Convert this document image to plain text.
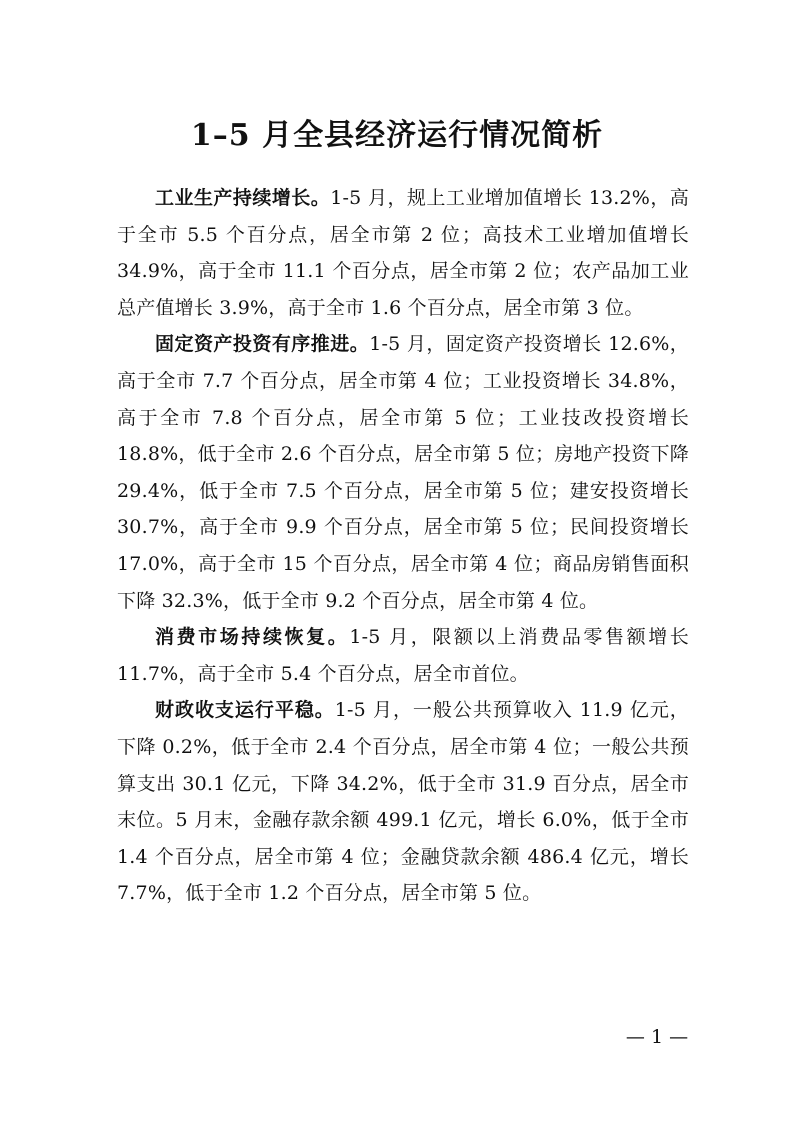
1–5 月全县经济运行情况简析

工业生产持续增长。1-5 月，规上工业增加值增长 13.2%，高于全市 5.5 个百分点，居全市第 2 位；高技术工业增加值增长 34.9%，高于全市 11.1 个百分点，居全市第 2 位；农产品加工业总产值增长 3.9%，高于全市 1.6 个百分点，居全市第 3 位。

固定资产投资有序推进。1-5 月，固定资产投资增长 12.6%，高于全市 7.7 个百分点，居全市第 4 位；工业投资增长 34.8%，高于全市 7.8 个百分点，居全市第 5 位；工业技改投资增长 18.8%，低于全市 2.6 个百分点，居全市第 5 位；房地产投资下降 29.4%，低于全市 7.5 个百分点，居全市第 5 位；建安投资增长 30.7%，高于全市 9.9 个百分点，居全市第 5 位；民间投资增长 17.0%，高于全市 15 个百分点，居全市第 4 位；商品房销售面积下降 32.3%，低于全市 9.2 个百分点，居全市第 4 位。

消费市场持续恢复。1-5 月，限额以上消费品零售额增长 11.7%，高于全市 5.4 个百分点，居全市首位。

财政收支运行平稳。1-5 月，一般公共预算收入 11.9 亿元，下降 0.2%，低于全市 2.4 个百分点，居全市第 4 位；一般公共预算支出 30.1 亿元，下降 34.2%，低于全市 31.9 百分点，居全市末位。5 月末，金融存款余额 499.1 亿元，增长 6.0%，低于全市 1.4 个百分点，居全市第 4 位；金融贷款余额 486.4 亿元，增长 7.7%，低于全市 1.2 个百分点，居全市第 5 位。

— 1 —
